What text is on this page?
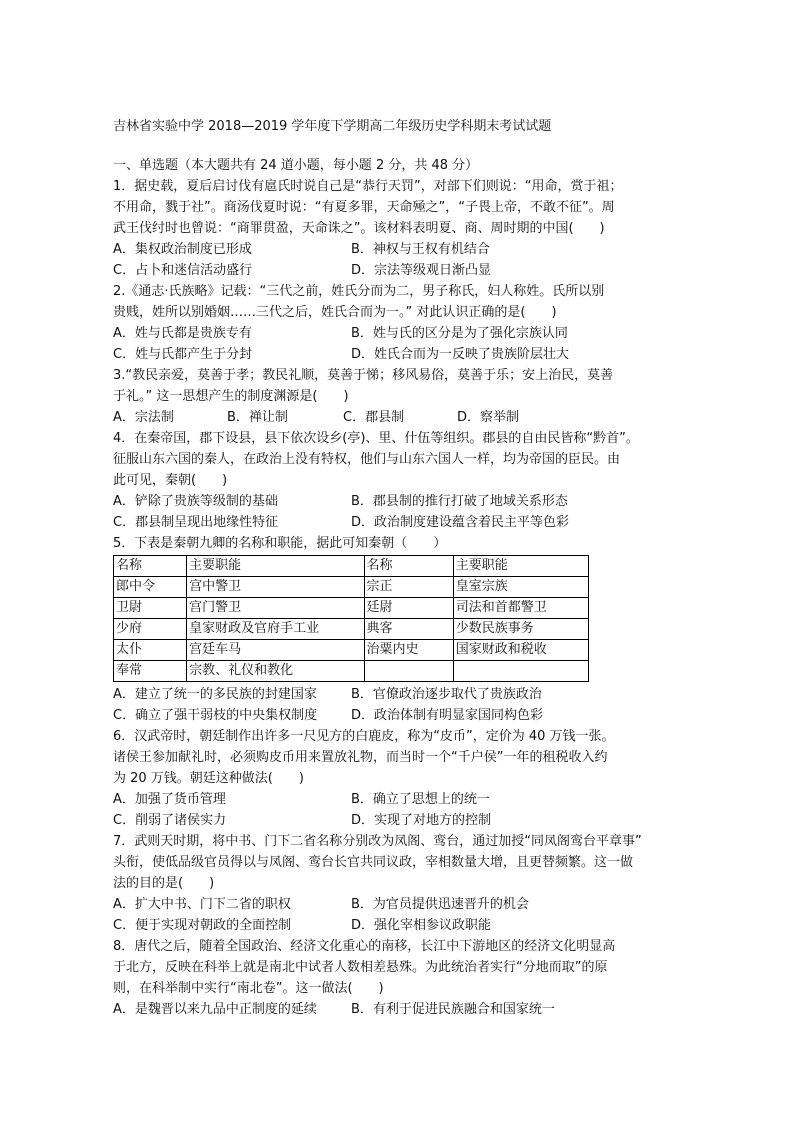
吉林省实验中学 2018—2019 学年度下学期高二年级历史学科期末考试试题
一、单选题（本大题共有 24 道小题，每小题 2 分，共 48 分）
1．据史载，夏后启讨伐有扈氏时说自己是“恭行天罚”，对部下们则说：“用命，赏于祖；
不用命，戮于社”。商汤伐夏时说：“有夏多罪，天命殛之”，“子畏上帝，不敢不征”。周
武王伐纣时也曾说：“商罪贯盈，天命诛之”。该材料表明夏、商、周时期的中国(　　)
A．集权政治制度已形成	B．神权与王权有机结合
C．占卜和迷信活动盛行	D．宗法等级观日渐凸显
2.《通志·氏族略》记载：“三代之前，姓氏分而为二，男子称氏，妇人称姓。氏所以别
贵贱，姓所以别婚姻……三代之后，姓氏合而为一。” 对此认识正确的是(　　)
A．姓与氏都是贵族专有	B．姓与氏的区分是为了强化宗族认同
C．姓与氏都产生于分封	D．姓氏合而为一反映了贵族阶层壮大
3.“教民亲爱，莫善于孝；教民礼顺，莫善于悌；移风易俗，莫善于乐；安上治民，莫善
于礼。” 这一思想产生的制度渊源是(　　)
A．宗法制	B．禅让制	C．郡县制	D．察举制
4．在秦帝国，郡下设县，县下依次设乡(亭)、里、什伍等组织。郡县的自由民皆称“黔首”。
征服山东六国的秦人，在政治上没有特权，他们与山东六国人一样，均为帝国的臣民。由
此可见，秦朝(　　)
A．铲除了贵族等级制的基础	B．郡县制的推行打破了地域关系形态
C．郡县制呈现出地缘性特征	D．政治制度建设蕴含着民主平等色彩
5．下表是秦朝九卿的名称和职能，据此可知秦朝（　　）
名称	主要职能	名称	主要职能
郎中令	宫中警卫	宗正	皇室宗族
卫尉	宫门警卫	廷尉	司法和首都警卫
少府	皇家财政及官府手工业	典客	少数民族事务
太仆	宫廷车马	治粟内史	国家财政和税收
奉常	宗教、礼仪和教化		
A．建立了统一的多民族的封建国家	B．官僚政治逐步取代了贵族政治
C．确立了强干弱枝的中央集权制度	D．政治体制有明显家国同构色彩
6．汉武帝时，朝廷制作出许多一尺见方的白鹿皮，称为“皮币”，定价为 40 万钱一张。
诸侯王参加献礼时，必须购皮币用来置放礼物，而当时一个“千户侯”一年的租税收入约
为 20 万钱。朝廷这种做法(　　)
A．加强了货币管理	B．确立了思想上的统一
C．削弱了诸侯实力	D．实现了对地方的控制
7．武则天时期，将中书、门下二省名称分别改为凤阁、鸾台，通过加授“同凤阁鸾台平章事”
头衔，使低品级官员得以与凤阁、鸾台长官共同议政，宰相数量大增，且更替频繁。这一做
法的目的是(　　)
A．扩大中书、门下二省的职权	B．为官员提供迅速晋升的机会
C．便于实现对朝政的全面控制	D．强化宰相参议政职能
8．唐代之后，随着全国政治、经济文化重心的南移，长江中下游地区的经济文化明显高
于北方，反映在科举上就是南北中试者人数相差悬殊。为此统治者实行“分地而取”的原
则，在科举制中实行“南北卷”。这一做法(　　)
A．是魏晋以来九品中正制度的延续	B．有利于促进民族融合和国家统一
